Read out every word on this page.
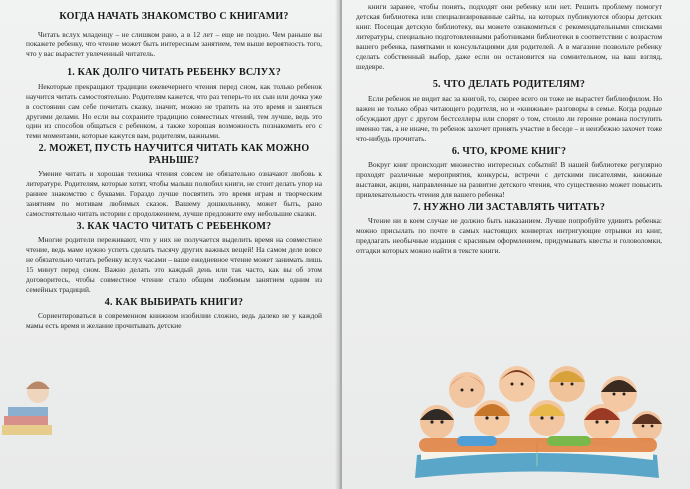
КОГДА НАЧАТЬ ЗНАКОМСТВО С КНИГАМИ?

Читать вслух младенцу – не слишком рано, а в 12 лет – еще не поздно. Чем раньше вы покажете ребенку, что чтение может быть интересным занятием, тем выше вероятность того, что у вас вырастет увлеченный читатель.

1. КАК ДОЛГО ЧИТАТЬ РЕБЕНКУ ВСЛУХ?

Некоторые прекращают традиции ежевечернего чтения перед сном, как только ребенок научится читать самостоятельно. Родителям кажется, что раз теперь-то их сын или дочка уже в состоянии сам себе почитать сказку, значит, можно не тратить на это время и заняться другими делами. Но если вы сохраните традицию совместных чтений, тем лучше, ведь это один из способов общаться с ребенком, а также хорошая возможность познакомить его с теми моментами, которые кажутся вам, родителям, важными.

2. МОЖЕТ, ПУСТЬ НАУЧИТСЯ ЧИТАТЬ КАК МОЖНО РАНЬШЕ?

Умение читать и хорошая техника чтения совсем не обязательно означают любовь к литературе. Родителям, которые хотят, чтобы малыш полюбил книги, не стоит делать упор на раннее знакомство с буквами. Гораздо лучше посвятить это время играм и творческим занятиям по мотивам любимых сказок. Вашему дошкольнику, может быть, рано самостоятельно читать истории с продолжением, лучше предложите ему небольшие сказки.

3. КАК ЧАСТО ЧИТАТЬ С РЕБЕНКОМ?

Многие родители переживают, что у них не получается выделить время на совместное чтение, ведь маме нужно успеть сделать тысячу других важных вещей! На самом деле вовсе не обязательно читать ребенку вслух часами – ваше ежедневное чтение может занимать лишь 15 минут перед сном. Важно делать это каждый день или так часто, как вы об этом договоритесь, чтобы совместное чтение стало общим любимым занятием одним из семейных традиций.

4. КАК ВЫБИРАТЬ КНИГИ?

Сориентироваться в современном книжном изобилии сложно, ведь далеко не у каждой мамы есть время и желание прочитывать детские

книги заранее, чтобы понять, подходят они ребенку или нет. Решить проблему помогут детская библиотека или специализированные сайты, на которых публикуются обзоры детских книг. Посещая детскую библиотеку, вы можете ознакомиться с рекомендательными списками литературы, специально подготовленными работниками библиотеки в соответствии с возрастом вашего ребенка, памятками и консультациями для родителей. А в магазине позвольте ребенку сделать собственный выбор, даже если он остановится на сомнительном, на ваш взгляд, шедевре.

5. ЧТО ДЕЛАТЬ РОДИТЕЛЯМ?

Если ребенок не видит вас за книгой, то, скорее всего он тоже не вырастет библиофилом. Но важен не только образ читающего родителя, но и «книжные» разговоры в семье. Когда родные обсуждают друг с другом бестселлеры или спорят о том, стоило ли героине романа поступить именно так, а не иначе, то ребенок захочет принять участие в беседе – и неизбежно захочет тоже что-нибудь прочитать.

6. ЧТО, КРОМЕ КНИГ?

Вокруг книг происходит множество интересных событий! В нашей библиотеке регулярно проходят различные мероприятия, конкурсы, встречи с детскими писателями, книжные выставки, акции, направленные на развитие детского чтения, что существенно может повысить привлекательность чтения для вашего ребенка!

7. НУЖНО ЛИ ЗАСТАВЛЯТЬ ЧИТАТЬ?

Чтение ни в коем случае не должно быть наказанием. Лучше попробуйте удивить ребенка: можно присылать по почте в самых настоящих конвертах интригующие отрывки из книг, предлагать необычные издания с красивым оформлением, придумывать квесты и головоломки, отгадки которых можно найти в тексте книги.
